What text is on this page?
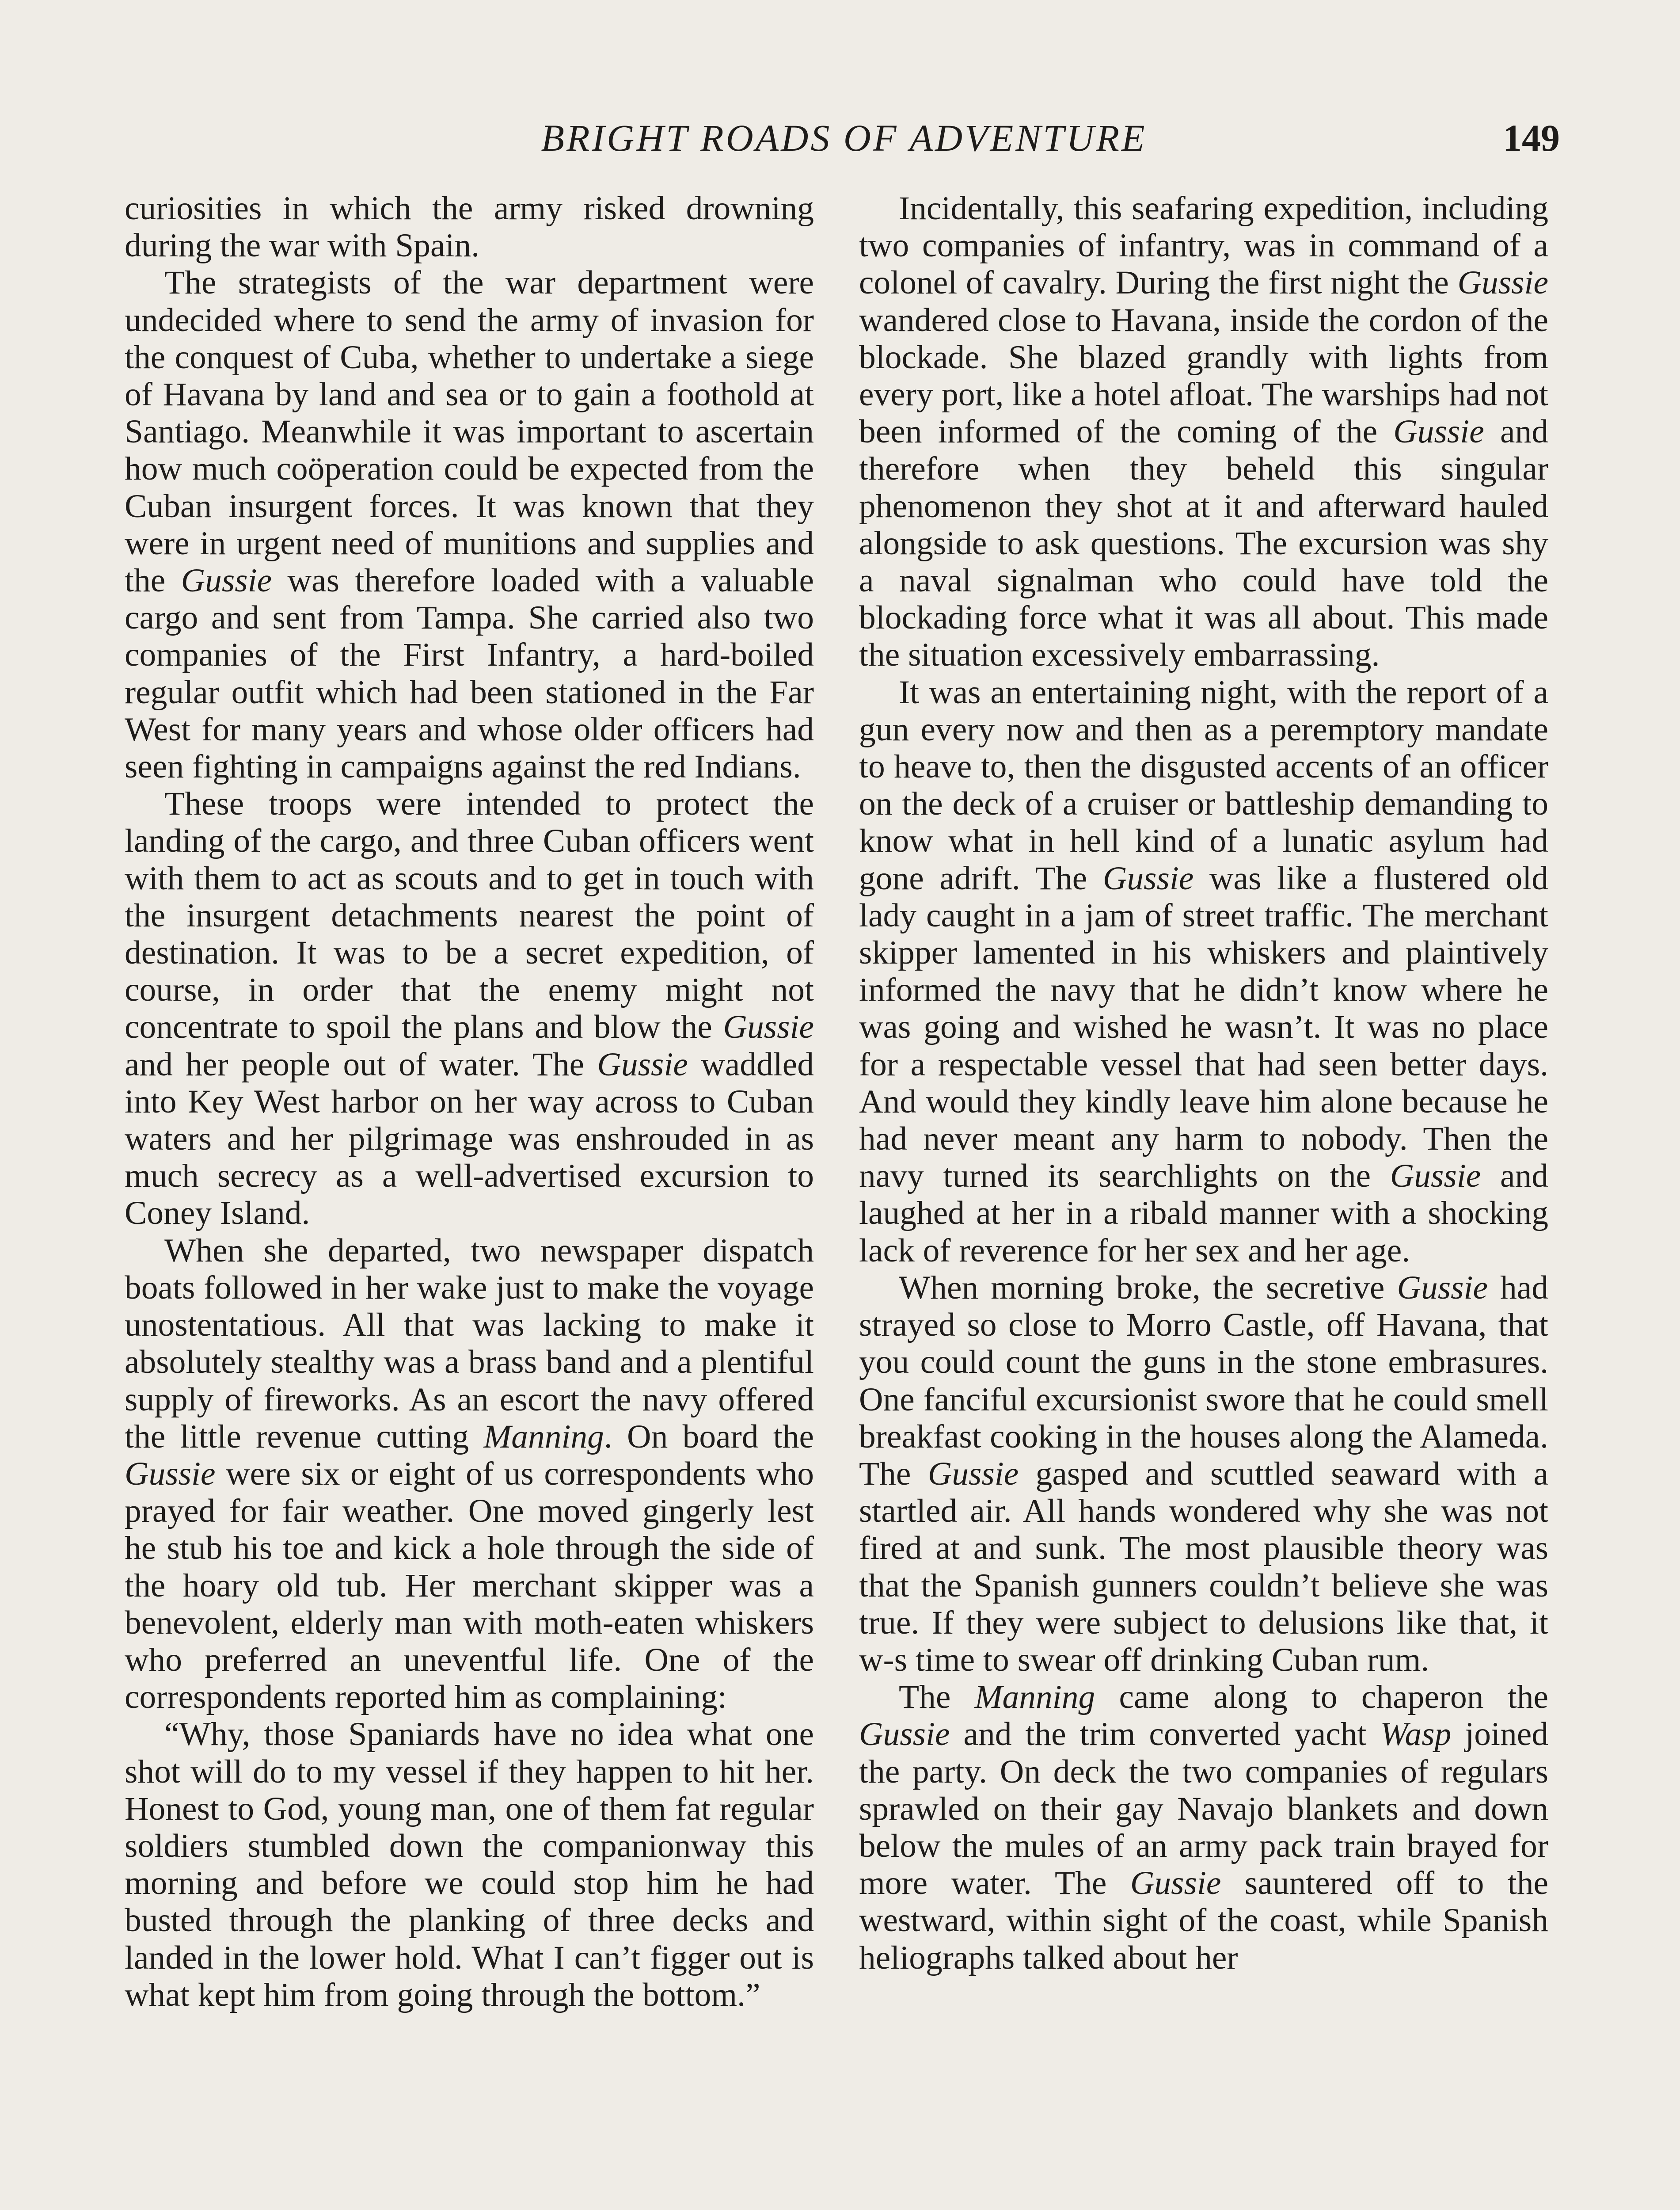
BRIGHT ROADS OF ADVENTURE	149

curiosities in which the army risked drowning during the war with Spain.

The strategists of the war department were undecided where to send the army of invasion for the conquest of Cuba, whether to undertake a siege of Havana by land and sea or to gain a foothold at Santiago. Meanwhile it was important to ascertain how much coöperation could be expected from the Cuban insurgent forces. It was known that they were in urgent need of munitions and supplies and the Gussie was therefore loaded with a valuable cargo and sent from Tampa. She carried also two companies of the First Infantry, a hard-boiled regular outfit which had been stationed in the Far West for many years and whose older officers had seen fighting in campaigns against the red Indians.

These troops were intended to protect the landing of the cargo, and three Cuban officers went with them to act as scouts and to get in touch with the insurgent detachments nearest the point of destination. It was to be a secret expedition, of course, in order that the enemy might not concentrate to spoil the plans and blow the Gussie and her people out of water. The Gussie waddled into Key West harbor on her way across to Cuban waters and her pilgrimage was enshrouded in as much secrecy as a well-advertised excursion to Coney Island.

When she departed, two newspaper dispatch boats followed in her wake just to make the voyage unostentatious. All that was lacking to make it absolutely stealthy was a brass band and a plentiful supply of fireworks. As an escort the navy offered the little revenue cutting Manning. On board the Gussie were six or eight of us correspondents who prayed for fair weather. One moved gingerly lest he stub his toe and kick a hole through the side of the hoary old tub. Her merchant skipper was a benevolent, elderly man with moth-eaten whiskers who preferred an uneventful life. One of the correspondents reported him as complaining:

“Why, those Spaniards have no idea what one shot will do to my vessel if they happen to hit her. Honest to God, young man, one of them fat regular soldiers stumbled down the companionway this morning and before we could stop him he had busted through the planking of three decks and landed in the lower hold. What I can’t figger out is what kept him from going through the bottom.”

Incidentally, this seafaring expedition, including two companies of infantry, was in command of a colonel of cavalry. During the first night the Gussie wandered close to Havana, inside the cordon of the blockade. She blazed grandly with lights from every port, like a hotel afloat. The warships had not been informed of the coming of the Gussie and therefore when they beheld this singular phenomenon they shot at it and afterward hauled alongside to ask questions. The excursion was shy a naval signalman who could have told the blockading force what it was all about. This made the situation excessively embarrassing.

It was an entertaining night, with the report of a gun every now and then as a peremptory mandate to heave to, then the disgusted accents of an officer on the deck of a cruiser or battleship demanding to know what in hell kind of a lunatic asylum had gone adrift. The Gussie was like a flustered old lady caught in a jam of street traffic. The merchant skipper lamented in his whiskers and plaintively informed the navy that he didn’t know where he was going and wished he wasn’t. It was no place for a respectable vessel that had seen better days. And would they kindly leave him alone because he had never meant any harm to nobody. Then the navy turned its searchlights on the Gussie and laughed at her in a ribald manner with a shocking lack of reverence for her sex and her age.

When morning broke, the secretive Gussie had strayed so close to Morro Castle, off Havana, that you could count the guns in the stone embrasures. One fanciful excursionist swore that he could smell breakfast cooking in the houses along the Alameda. The Gussie gasped and scuttled seaward with a startled air. All hands wondered why she was not fired at and sunk. The most plausible theory was that the Spanish gunners couldn’t believe she was true. If they were subject to delusions like that, it w‐s time to swear off drinking Cuban rum.

The Manning came along to chaperon the Gussie and the trim converted yacht Wasp joined the party. On deck the two companies of regulars sprawled on their gay Navajo blankets and down below the mules of an army pack train brayed for more water. The Gussie sauntered off to the westward, within sight of the coast, while Spanish heliographs talked about her
